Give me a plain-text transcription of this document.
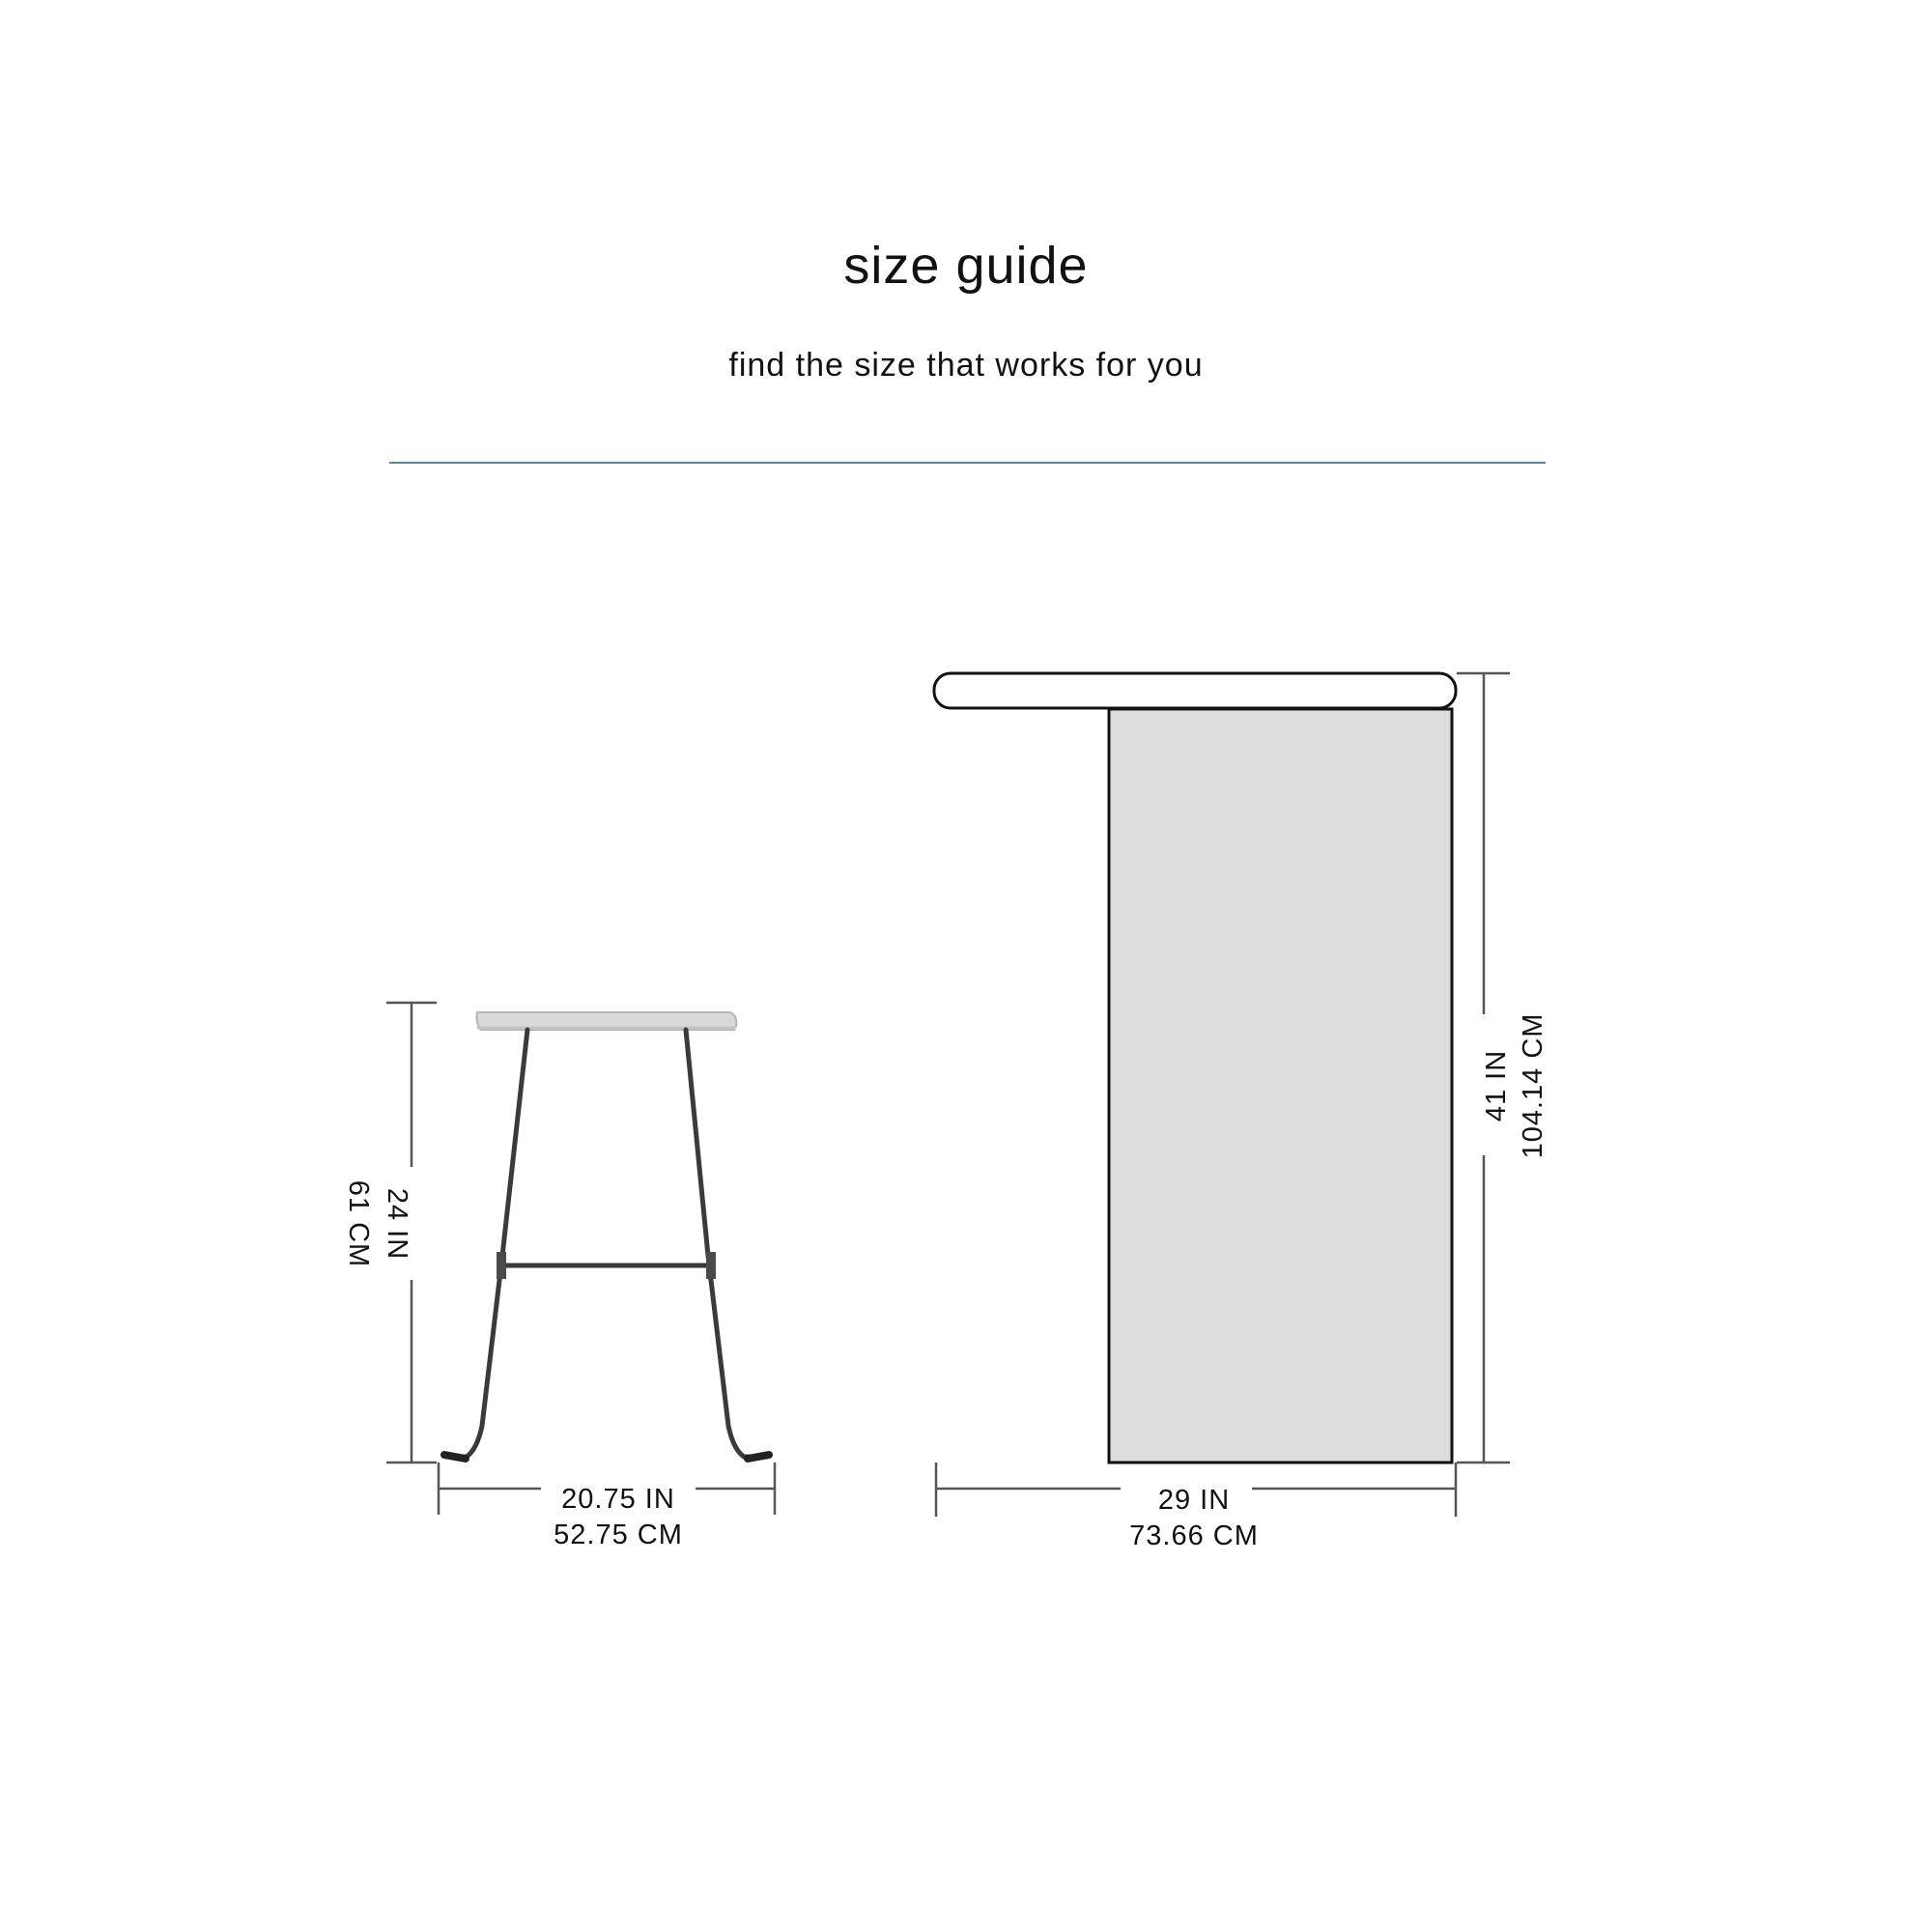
size guide
find the size that works for you
24 IN
61 CM
20.75 IN
52.75 CM
41 IN 104.14 CM
29 IN
73.66 CM
